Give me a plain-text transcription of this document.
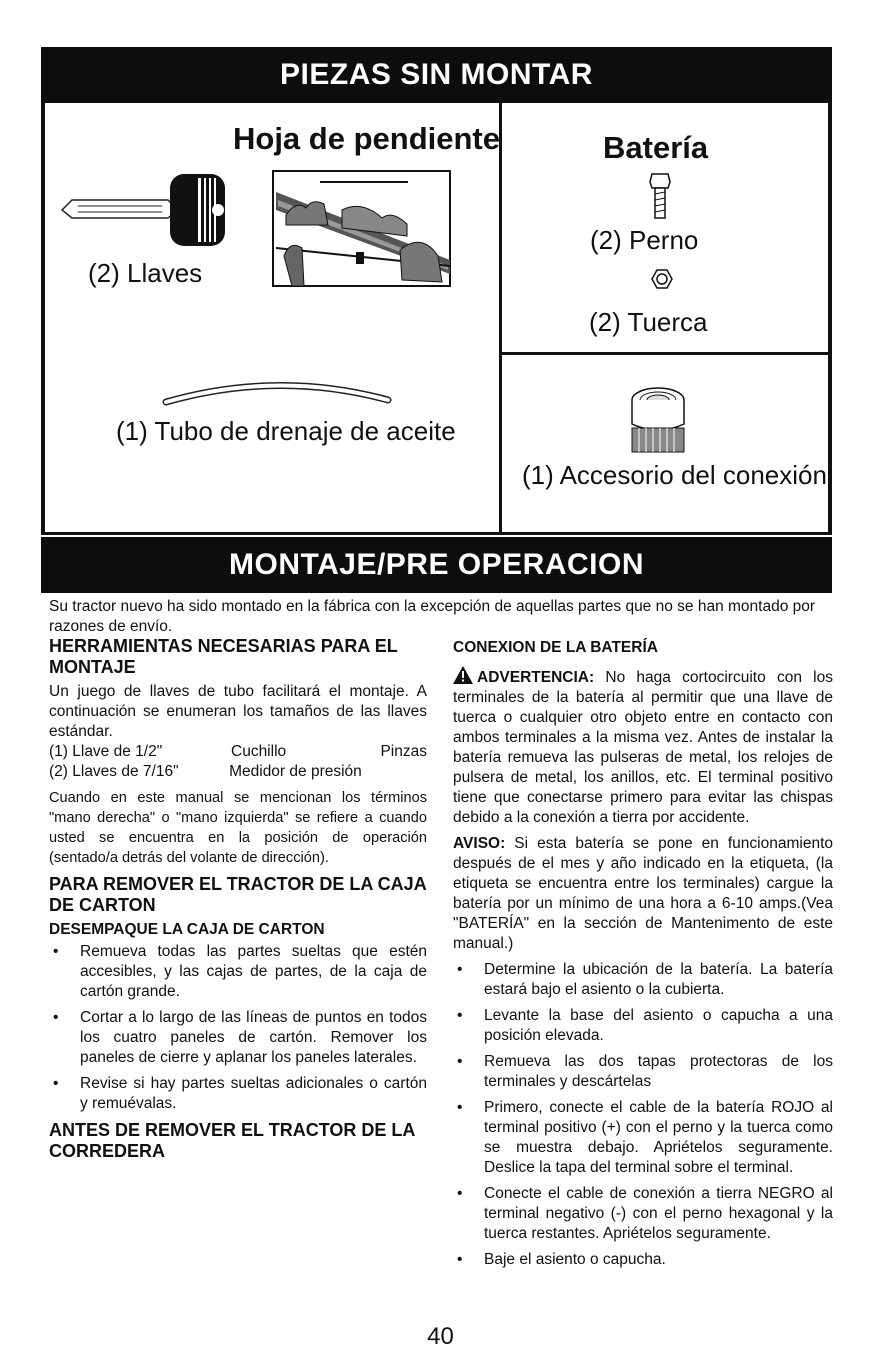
PIEZAS SIN MONTAR
Hoja de pendiente
(2) Llaves
(1) Tubo de drenaje de aceite
Batería
(2) Perno
(2) Tuerca
(1) Accesorio del conexión
MONTAJE/PRE OPERACION
Su tractor nuevo ha sido montado en la fábrica con la excepción de aquellas partes que no se han montado por razones de envío.
HERRAMIENTAS NECESARIAS PARA EL MONTAJE
Un juego de llaves de tubo facilitará el montaje. A continuación se enumeran los tamaños de las llaves estándar.
(1) Llave de 1/2"	Cuchillo	Pinzas
(2) Llaves de 7/16"	Medidor de presión
Cuando en este manual se mencionan los términos "mano derecha" o "mano izquierda" se refiere a cuando usted se encuentra en la posición de operación (sentado/a detrás del volante de dirección).
PARA REMOVER EL TRACTOR DE LA CAJA DE CARTON
DESEMPAQUE LA CAJA DE CARTON
• Remueva todas las partes sueltas que estén accesibles, y las cajas de partes, de la caja de cartón grande.
• Cortar a lo largo de las líneas de puntos en todos los cuatro paneles de cartón. Remover los paneles de cierre y aplanar los paneles laterales.
• Revise si hay partes sueltas adicionales o cartón y remuévalas.
ANTES DE REMOVER EL TRACTOR DE LA CORREDERA
CONEXION DE LA BATERÍA
ADVERTENCIA: No haga cortocircuito con los terminales de la batería al permitir que una llave de tuerca o cualquier otro objeto entre en contacto con ambos terminales a la misma vez. Antes de instalar la batería remueva las pulseras de metal, los relojes de pulsera de metal, los anillos, etc. El terminal positivo tiene que conectarse primero para evitar las chispas debido a la conexión a tierra por accidente.
AVISO: Si esta batería se pone en funcionamiento después de el mes y año indicado en la etiqueta, (la etiqueta se encuentra entre los terminales) cargue la batería por un mínimo de una hora a 6-10 amps.(Vea "BATERÍA" en la sección de Mantenimento de este manual.)
• Determine la ubicación de la batería. La batería estará bajo el asiento o la cubierta.
• Levante la base del asiento o capucha a una posición elevada.
• Remueva las dos tapas protectoras de los terminales y descártelas
• Primero, conecte el cable de la batería ROJO al terminal positivo (+) con el perno y la tuerca como se muestra debajo. Apriételos seguramente. Deslice la tapa del terminal sobre el terminal.
• Conecte el cable de conexión a tierra NEGRO al terminal negativo (-) con el perno hexagonal y la tuerca restantes. Apriételos seguramente.
• Baje el asiento o capucha.
40
